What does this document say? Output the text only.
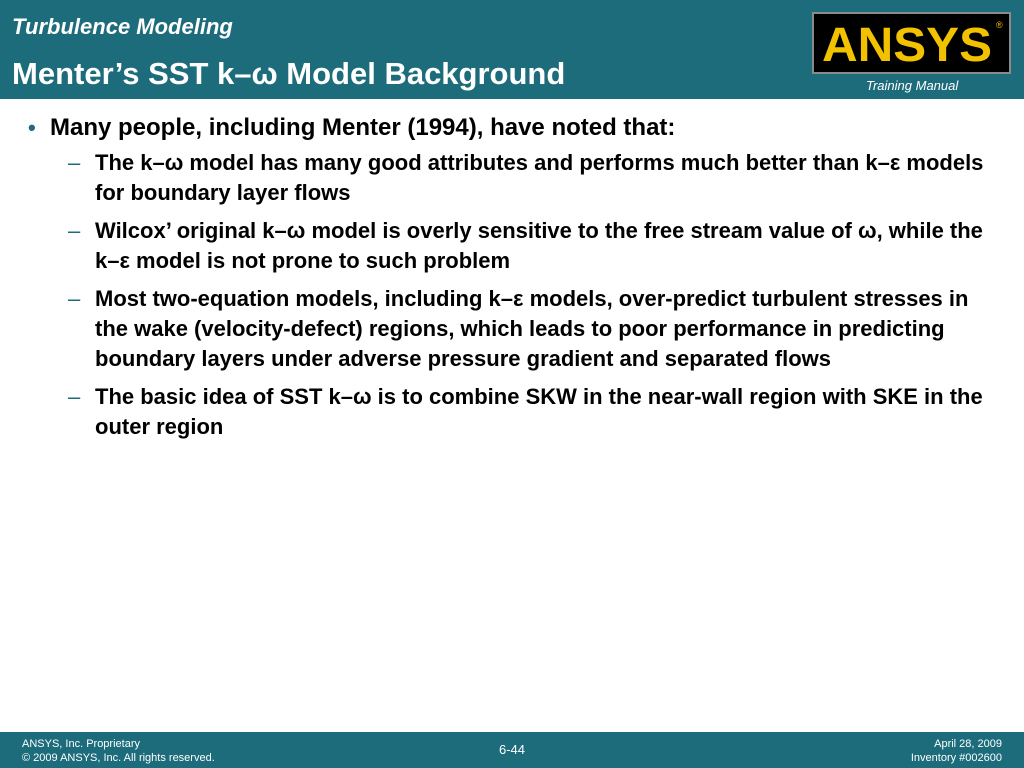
Turbulence Modeling
Menter’s SST k–ω Model Background
ANSYS ®
Training Manual
• Many people, including Menter (1994), have noted that:
– The k–ω model has many good attributes and performs much better than k–ε models for boundary layer flows
– Wilcox’ original k–ω model is overly sensitive to the free stream value of ω, while the k–ε model is not prone to such problem
– Most two-equation models, including k–ε models, over-predict turbulent stresses in the wake (velocity-defect) regions, which leads to poor performance in predicting boundary layers under adverse pressure gradient and separated flows
– The basic idea of SST k–ω is to combine SKW in the near-wall region with SKE in the outer region
ANSYS, Inc. Proprietary
© 2009 ANSYS, Inc. All rights reserved.
6-44	April 28, 2009
Inventory #002600
